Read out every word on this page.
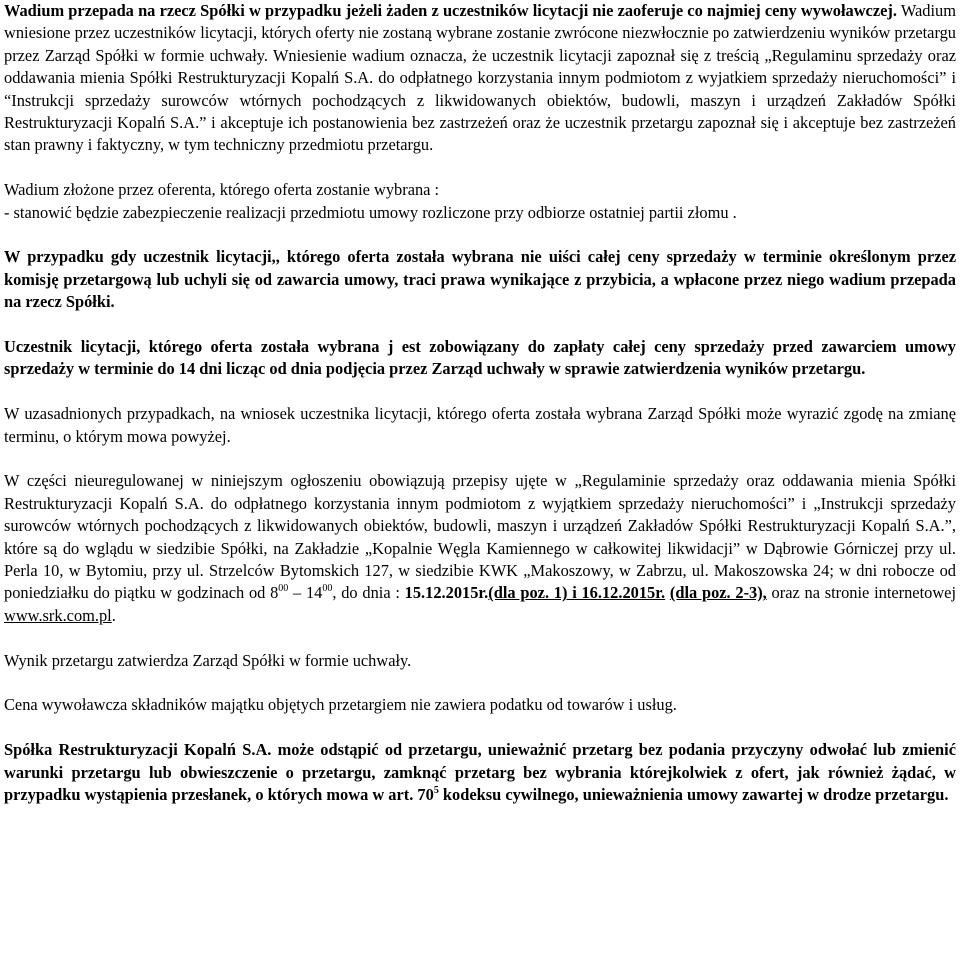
Wadium przepada na rzecz Spółki w przypadku jeżeli żaden z uczestników licytacji nie zaoferuje co najmiej ceny wywoławczej. Wadium wniesione przez uczestników licytacji, których oferty nie zostaną wybrane zostanie zwrócone niezwłocznie po zatwierdzeniu wyników przetargu przez Zarząd Spółki w formie uchwały. Wniesienie wadium oznacza, że uczestnik licytacji zapoznał się z treścią „Regulaminu sprzedaży oraz oddawania mienia Spółki Restrukturyzacji Kopalń S.A. do odpłatnego korzystania innym podmiotom z wyjatkiem sprzedaży nieruchomości” i “Instrukcji sprzedaży surowców wtórnych pochodzących z likwidowanych obiektów, budowli, maszyn i urządzeń Zakładów Spółki Restrukturyzacji Kopalń S.A.” i akceptuje ich postanowienia bez zastrzeżeń oraz że uczestnik przetargu zapoznał się i akceptuje bez zastrzeżeń stan prawny i faktyczny, w tym techniczny przedmiotu przetargu.

Wadium złożone przez oferenta, którego oferta zostanie wybrana :

- stanowić będzie zabezpieczenie realizacji przedmiotu umowy rozliczone przy odbiorze ostatniej partii złomu .

W przypadku gdy uczestnik licytacji,, którego oferta została wybrana nie uiści całej ceny sprzedaży w terminie określonym przez komisję przetargową lub uchyli się od zawarcia umowy, traci prawa wynikające z przybicia, a wpłacone przez niego wadium przepada na rzecz Spółki.

Uczestnik licytacji, którego oferta została wybrana j est zobowiązany do zapłaty całej ceny sprzedaży przed zawarciem umowy sprzedaży w terminie do 14 dni licząc od dnia podjęcia przez Zarząd uchwały w sprawie zatwierdzenia wyników przetargu.

W uzasadnionych przypadkach, na wniosek uczestnika licytacji, którego oferta została wybrana Zarząd Spółki może wyrazić zgodę na zmianę terminu, o którym mowa powyżej.

W części nieuregulowanej w niniejszym ogłoszeniu obowiązują przepisy ujęte w „Regulaminie sprzedaży oraz oddawania mienia Spółki Restrukturyzacji Kopalń S.A. do odpłatnego korzystania innym podmiotom z wyjątkiem sprzedaży nieruchomości” i „Instrukcji sprzedaży surowców wtórnych pochodzących z likwidowanych obiektów, budowli, maszyn i urządzeń Zakładów Spółki Restrukturyzacji Kopalń S.A.”, które są do wglądu w siedzibie Spółki, na Zakładzie „Kopalnie Węgla Kamiennego w całkowitej likwidacji” w Dąbrowie Górniczej przy ul. Perla 10, w Bytomiu, przy ul. Strzelców Bytomskich 127, w siedzibie KWK „Makoszowy, w Zabrzu, ul. Makoszowska 24; w dni robocze od poniedziałku do piątku w godzinach od $8^{00} - 14^{00}$, do dnia : 15.12.2015r.(dla poz. 1) i 16.12.2015r. (dla poz. 2-3), oraz na stronie internetowej www.srk.com.pl.

Wynik przetargu zatwierdza Zarząd Spółki w formie uchwały.

Cena wywoławcza składników majątku objętych przetargiem nie zawiera podatku od towarów i usług.

Spółka Restrukturyzacji Kopalń S.A. może odstąpić od przetargu, unieważnić przetarg bez podania przyczyny odwołać lub zmienić warunki przetargu lub obwieszczenie o przetargu, zamknąć przetarg bez wybrania którejkolwiek z ofert, jak również żądać, w przypadku wystąpienia przesłanek, o których mowa w art. $70^5$ kodeksu cywilnego, unieważnienia umowy zawartej w drodze przetargu.
